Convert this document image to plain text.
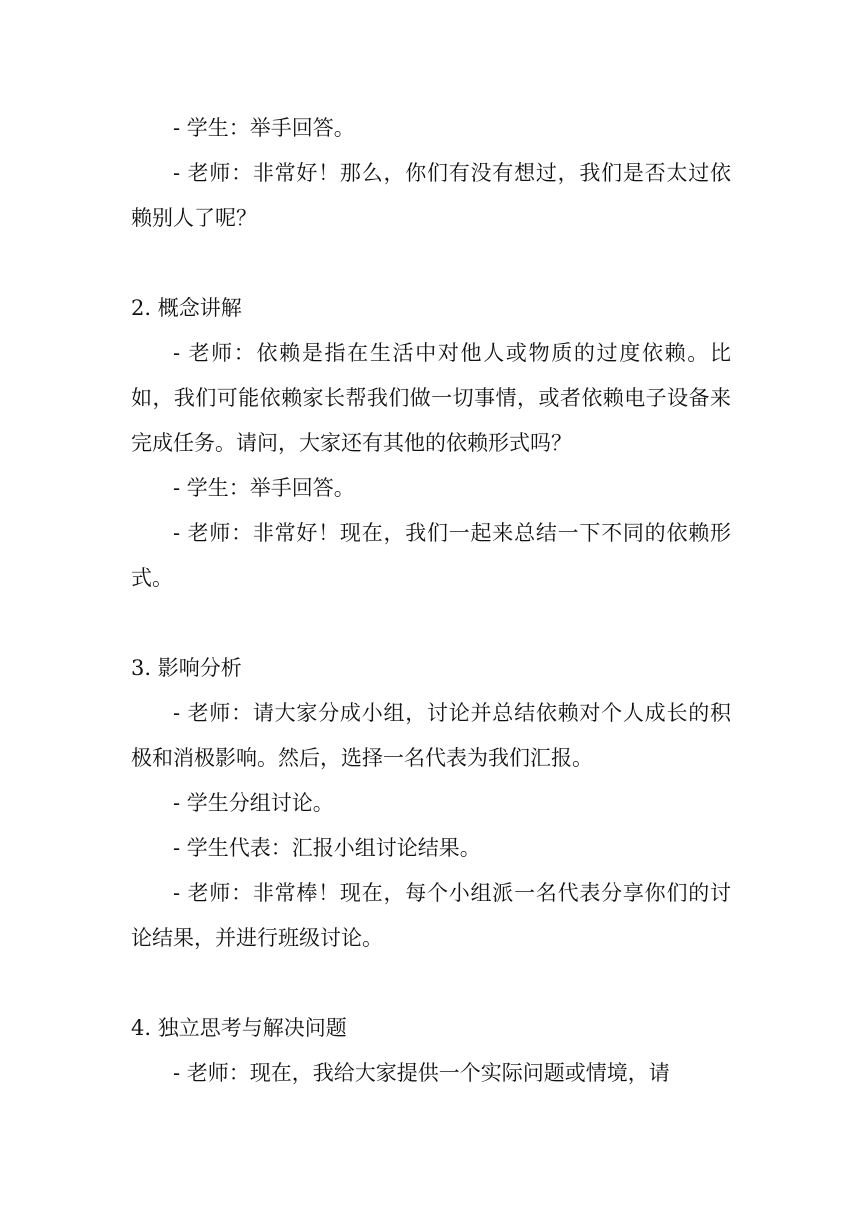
- 学生：举手回答。

- 老师：非常好！那么，你们有没有想过，我们是否太过依赖别人了呢？

2. 概念讲解

- 老师：依赖是指在生活中对他人或物质的过度依赖。比如，我们可能依赖家长帮我们做一切事情，或者依赖电子设备来完成任务。请问，大家还有其他的依赖形式吗？

- 学生：举手回答。

- 老师：非常好！现在，我们一起来总结一下不同的依赖形式。

3. 影响分析

- 老师：请大家分成小组，讨论并总结依赖对个人成长的积极和消极影响。然后，选择一名代表为我们汇报。

- 学生分组讨论。

- 学生代表：汇报小组讨论结果。

- 老师：非常棒！现在，每个小组派一名代表分享你们的讨论结果，并进行班级讨论。

4. 独立思考与解决问题

- 老师：现在，我给大家提供一个实际问题或情境，请
